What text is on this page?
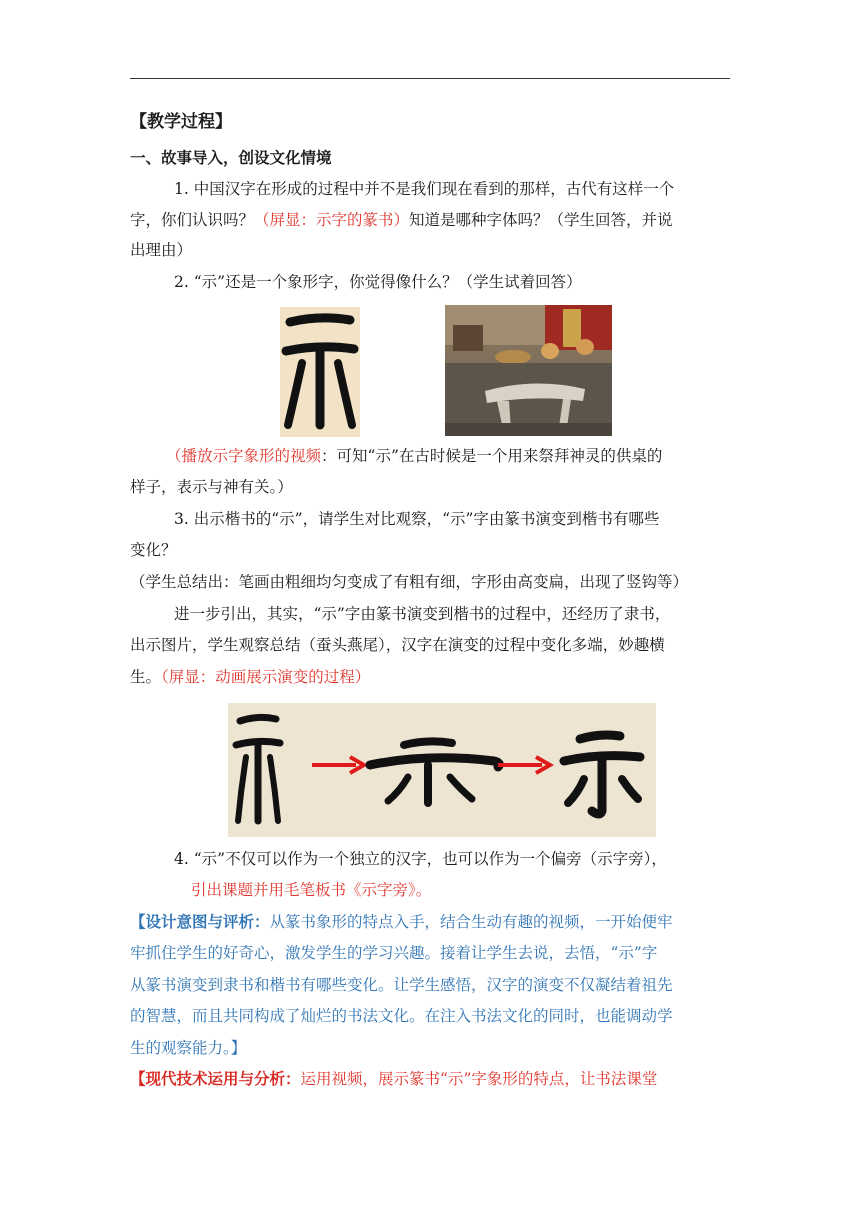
【教学过程】
一、故事导入，创设文化情境
1. 中国汉字在形成的过程中并不是我们现在看到的那样，古代有这样一个
字，你们认识吗？（屏显：示字的篆书）知道是哪种字体吗？（学生回答，并说
出理由）
2. “示”还是一个象形字，你觉得像什么？（学生试着回答）
（播放示字象形的视频：可知“示”在古时候是一个用来祭拜神灵的供桌的
样子，表示与神有关。）
3. 出示楷书的“示”，请学生对比观察，“示”字由篆书演变到楷书有哪些
变化？
（学生总结出：笔画由粗细均匀变成了有粗有细，字形由高变扁，出现了竖钩等）
进一步引出，其实，“示”字由篆书演变到楷书的过程中，还经历了隶书，
出示图片，学生观察总结（蚕头燕尾），汉字在演变的过程中变化多端，妙趣横
生。（屏显：动画展示演变的过程）
4. “示”不仅可以作为一个独立的汉字，也可以作为一个偏旁（示字旁），
引出课题并用毛笔板书《示字旁》。
【设计意图与评析：从篆书象形的特点入手，结合生动有趣的视频，一开始便牢
牢抓住学生的好奇心，激发学生的学习兴趣。接着让学生去说，去悟，“示”字
从篆书演变到隶书和楷书有哪些变化。让学生感悟，汉字的演变不仅凝结着祖先
的智慧，而且共同构成了灿烂的书法文化。在注入书法文化的同时，也能调动学
生的观察能力。】
【现代技术运用与分析：运用视频，展示篆书“示”字象形的特点，让书法课堂
